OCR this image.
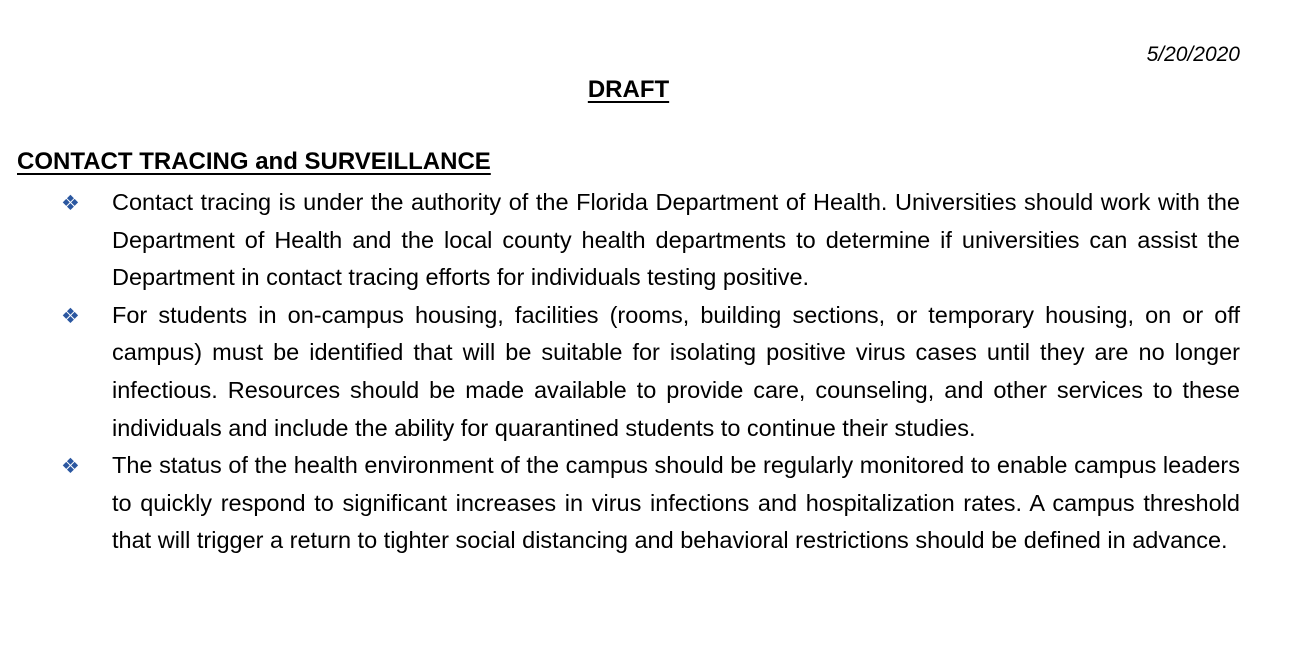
5/20/2020
DRAFT
CONTACT TRACING and SURVEILLANCE
❖ Contact tracing is under the authority of the Florida Department of Health. Universities should work with the Department of Health and the local county health departments to determine if universities can assist the Department in contact tracing efforts for individuals testing positive.
❖ For students in on-campus housing, facilities (rooms, building sections, or temporary housing, on or off campus) must be identified that will be suitable for isolating positive virus cases until they are no longer infectious. Resources should be made available to provide care, counseling, and other services to these individuals and include the ability for quarantined students to continue their studies.
❖ The status of the health environment of the campus should be regularly monitored to enable campus leaders to quickly respond to significant increases in virus infections and hospitalization rates. A campus threshold that will trigger a return to tighter social distancing and behavioral restrictions should be defined in advance.
